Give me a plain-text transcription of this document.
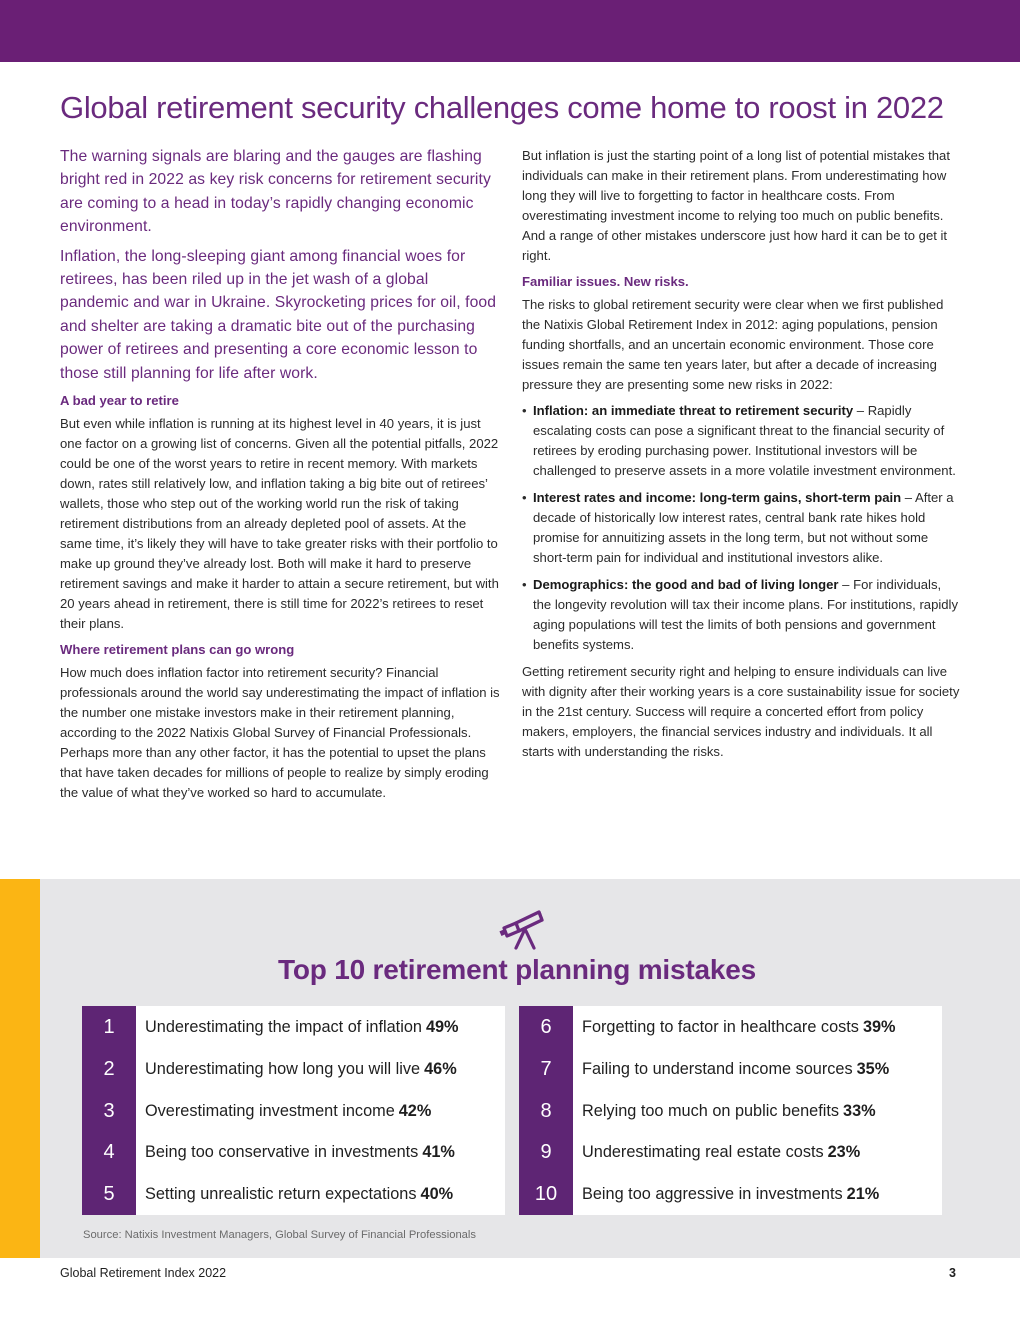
Global retirement security challenges come home to roost in 2022

The warning signals are blaring and the gauges are flashing bright red in 2022 as key risk concerns for retirement security are coming to a head in today’s rapidly changing economic environment.

Inflation, the long-sleeping giant among financial woes for retirees, has been riled up in the jet wash of a global pandemic and war in Ukraine. Skyrocketing prices for oil, food and shelter are taking a dramatic bite out of the purchasing power of retirees and presenting a core economic lesson to those still planning for life after work.

A bad year to retire

But even while inflation is running at its highest level in 40 years, it is just one factor on a growing list of concerns. Given all the potential pitfalls, 2022 could be one of the worst years to retire in recent memory. With markets down, rates still relatively low, and inflation taking a big bite out of retirees’ wallets, those who step out of the working world run the risk of taking retirement distributions from an already depleted pool of assets. At the same time, it’s likely they will have to take greater risks with their portfolio to make up ground they’ve already lost. Both will make it hard to preserve retirement savings and make it harder to attain a secure retirement, but with 20 years ahead in retirement, there is still time for 2022’s retirees to reset their plans.

Where retirement plans can go wrong

How much does inflation factor into retirement security? Financial professionals around the world say underestimating the impact of inflation is the number one mistake investors make in their retirement planning, according to the 2022 Natixis Global Survey of Financial Professionals. Perhaps more than any other factor, it has the potential to upset the plans that have taken decades for millions of people to realize by simply eroding the value of what they’ve worked so hard to accumulate.

But inflation is just the starting point of a long list of potential mistakes that individuals can make in their retirement plans. From underestimating how long they will live to forgetting to factor in healthcare costs. From overestimating investment income to relying too much on public benefits. And a range of other mistakes underscore just how hard it can be to get it right.

Familiar issues. New risks.

The risks to global retirement security were clear when we first published the Natixis Global Retirement Index in 2012: aging populations, pension funding shortfalls, and an uncertain economic environment. Those core issues remain the same ten years later, but after a decade of increasing pressure they are presenting some new risks in 2022:

• Inflation: an immediate threat to retirement security – Rapidly escalating costs can pose a significant threat to the financial security of retirees by eroding purchasing power. Institutional investors will be challenged to preserve assets in a more volatile investment environment.
• Interest rates and income: long-term gains, short-term pain – After a decade of historically low interest rates, central bank rate hikes hold promise for annuitizing assets in the long term, but not without some short-term pain for individual and institutional investors alike.
• Demographics: the good and bad of living longer – For individuals, the longevity revolution will tax their income plans. For institutions, rapidly aging populations will test the limits of both pensions and government benefits systems.

Getting retirement security right and helping to ensure individuals can live with dignity after their working years is a core sustainability issue for society in the 21st century. Success will require a concerted effort from policy makers, employers, the financial services industry and individuals. It all starts with understanding the risks.

Top 10 retirement planning mistakes
1	Underestimating the impact of inflation 49%
2	Underestimating how long you will live 46%
3	Overestimating investment income 42%
4	Being too conservative in investments 41%
5	Setting unrealistic return expectations 40%
6	Forgetting to factor in healthcare costs 39%
7	Failing to understand income sources 35%
8	Relying too much on public benefits 33%
9	Underestimating real estate costs 23%
10	Being too aggressive in investments 21%
Source: Natixis Investment Managers, Global Survey of Financial Professionals
Global Retirement Index 2022	3
